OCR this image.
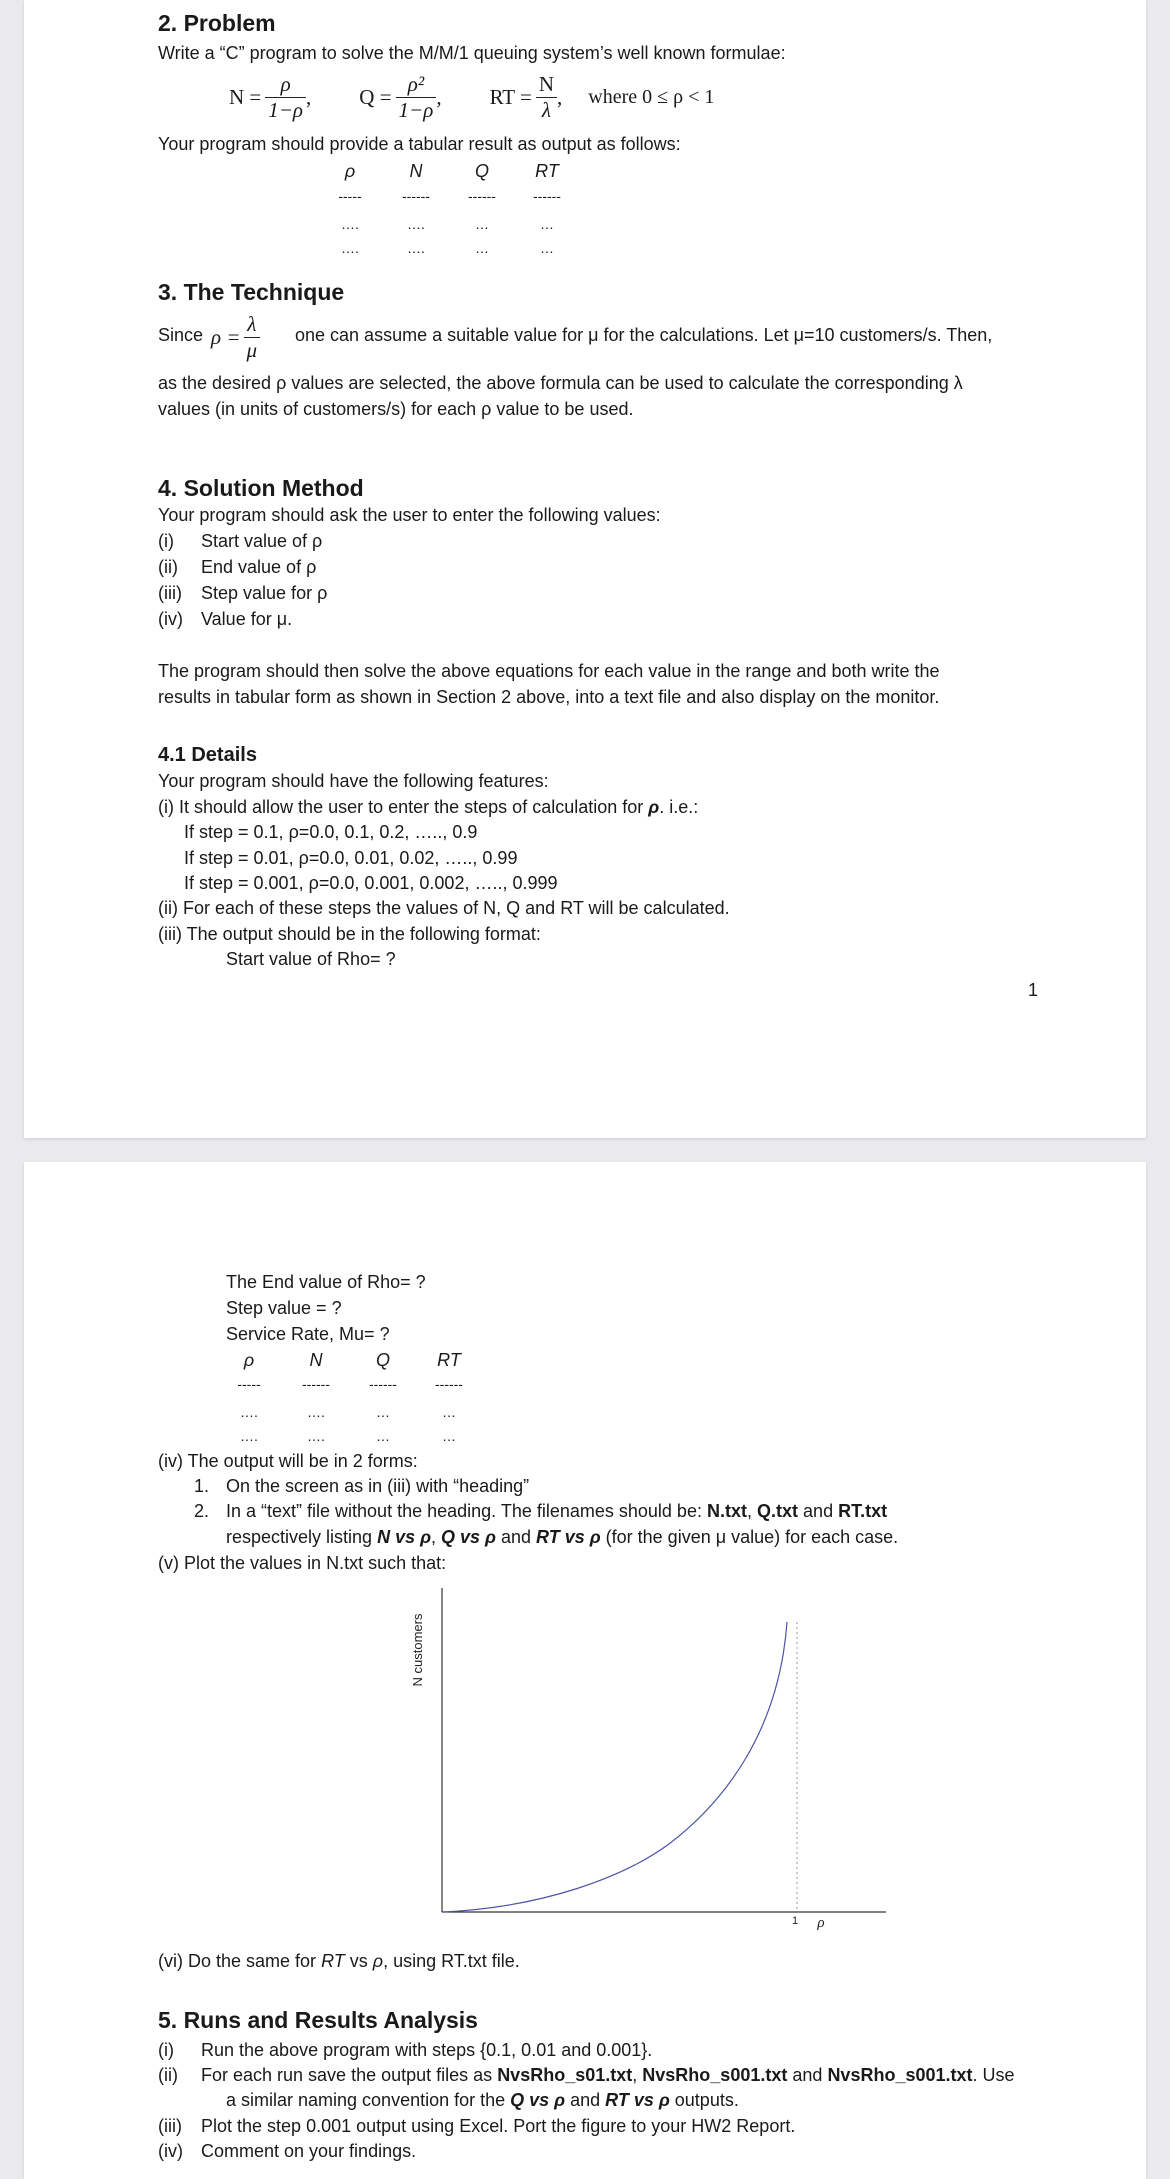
2. Problem
Write a “C” program to solve the M/M/1 queuing system’s well known formulae:
$N = \frac{\rho}{1-\rho}$ , $Q = \frac{\text{ρ²}}{1-\rho}$ , RT = $\frac{N}{\lambda}$ , where 0 ≤ ρ < 1
Your program should provide a tabular result as output as follows:
ρ	N	Q	RT
-----	------	------	------
….	….	…	…
….	….	…	…
3. The Technique
Since $\rho = \frac{\lambda}{\mu}$ one can assume a suitable value for μ for the calculations. Let μ=10 customers/s. Then,
as the desired ρ values are selected, the above formula can be used to calculate the corresponding λ
values (in units of customers/s) for each ρ value to be used.
4. Solution Method
Your program should ask the user to enter the following values:
(i) Start value of ρ
(ii) End value of ρ
(iii) Step value for ρ
(iv) Value for μ.
The program should then solve the above equations for each value in the range and both write the
results in tabular form as shown in Section 2 above, into a text file and also display on the monitor.
4.1 Details
Your program should have the following features:
(i) It should allow the user to enter the steps of calculation for ρ. i.e.:
If step = 0.1, ρ=0.0, 0.1, 0.2, ….., 0.9
If step = 0.01, ρ=0.0, 0.01, 0.02, ….., 0.99
If step = 0.001, ρ=0.0, 0.001, 0.002, ….., 0.999
(ii) For each of these steps the values of N, Q and RT will be calculated.
(iii) The output should be in the following format:
Start value of Rho= ?
1
The End value of Rho= ?
Step value = ?
Service Rate, Mu= ?
ρ	N	Q	RT
-----	------	------	------
….	….	…	…
….	….	…	…
(iv) The output will be in 2 forms:
1. On the screen as in (iii) with “heading”
2. In a “text” file without the heading. The filenames should be: N.txt, Q.txt and RT.txt
respectively listing N vs ρ, Q vs ρ and RT vs ρ (for the given μ value) for each case.
(v) Plot the values in N.txt such that:
N customers
1 ρ
(vi) Do the same for RT vs ρ, using RT.txt file.
5. Runs and Results Analysis
(i) Run the above program with steps {0.1, 0.01 and 0.001}.
(ii) For each run save the output files as NvsRho_s01.txt, NvsRho_s001.txt and NvsRho_s001.txt. Use
a similar naming convention for the Q vs ρ and RT vs ρ outputs.
(iii) Plot the step 0.001 output using Excel. Port the figure to your HW2 Report.
(iv) Comment on your findings.
